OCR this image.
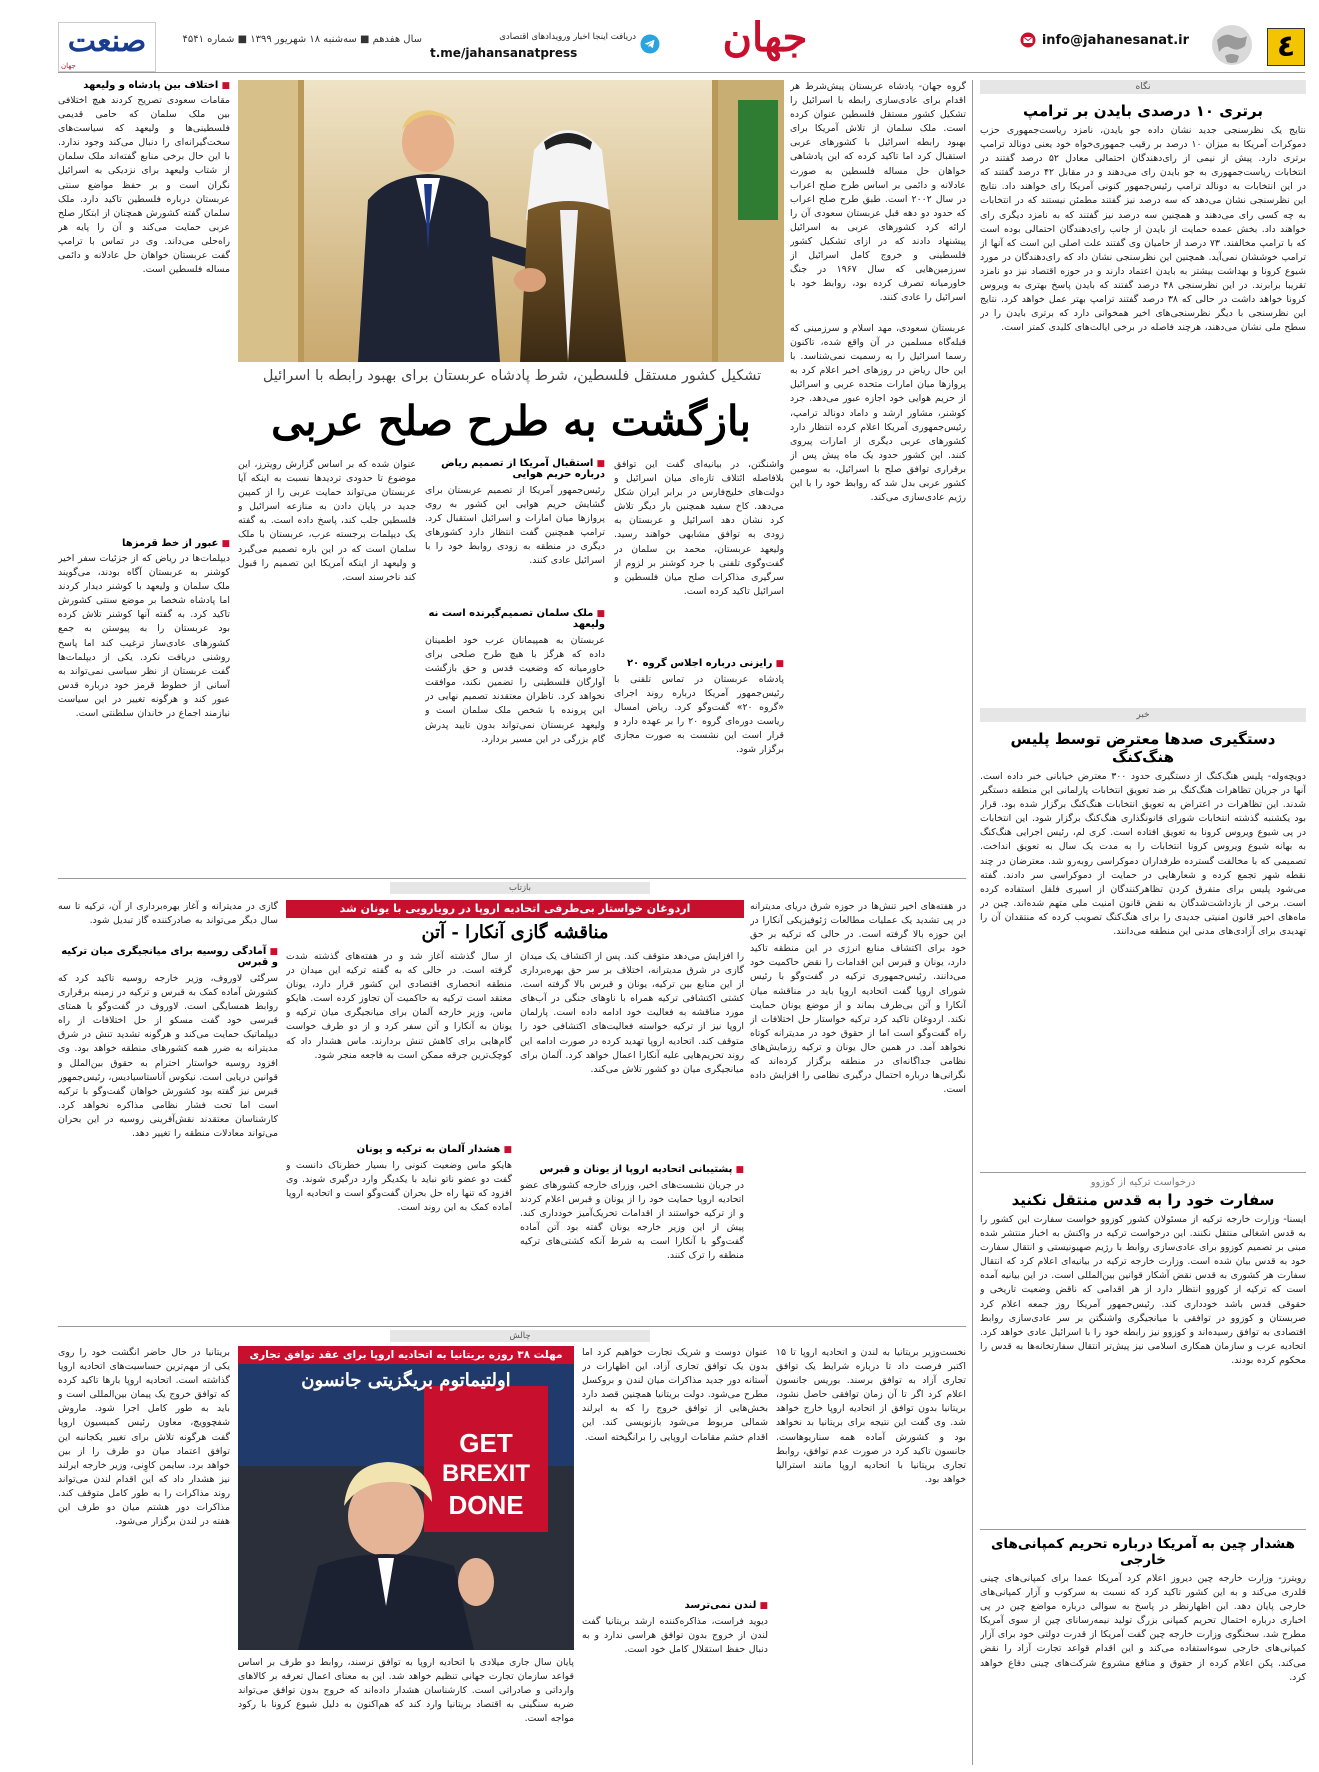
٤
info@jahanesanat.ir
جهان
دریافت اینجا اخبار ورویدادهای اقتصادی
t.me/jahansanatpress
سال هفدهم ■ سه‌شنبه ۱۸ شهریور ۱۳۹۹ ■ شماره ۴۵۴۱
صنعت
جهان
نگاه
برتری ۱۰ درصدی بایدن بر ترامپ
نتایج یک نظرسنجی جدید نشان داده جو بایدن، نامزد ریاست‌جمهوری حزب دموکرات آمریکا به میزان ۱۰ درصد بر رقیب جمهوری‌خواه خود یعنی دونالد ترامپ برتری دارد. پیش از نیمی از رای‌دهندگان احتمالی معادل ۵۲ درصد گفتند در انتخابات ریاست‌جمهوری به جو بایدن رای می‌دهند و در مقابل ۴۲ درصد گفتند که در این انتخابات به دونالد ترامپ رئیس‌جمهور کنونی آمریکا رای خواهند داد. نتایج این نظرسنجی نشان می‌دهد که سه درصد نیز گفتند مطمئن نیستند که در انتخابات به چه کسی رای می‌دهند و همچنین سه درصد نیز گفتند که به نامزد دیگری رای خواهند داد. بخش عمده حمایت از بایدن از جانب رای‌دهندگان احتمالی بوده است که با ترامپ مخالفند. ۷۳ درصد از حامیان وی گفتند علت اصلی این است که آنها از ترامپ خوششان نمی‌آید. همچنین این نظرسنجی نشان داد که رای‌دهندگان در مورد شیوع کرونا و بهداشت بیشتر به بایدن اعتماد دارند و در حوزه اقتصاد نیز دو نامزد تقریبا برابرند. در این نظرسنجی ۴۸ درصد گفتند که بایدن پاسخ بهتری به ویروس کرونا خواهد داشت در حالی که ۳۸ درصد گفتند ترامپ بهتر عمل خواهد کرد. نتایج این نظرسنجی با دیگر نظرسنجی‌های اخیر همخوانی دارد که برتری بایدن را در سطح ملی نشان می‌دهند، هرچند فاصله در برخی ایالت‌های کلیدی کمتر است.
خبر
دستگیری صدها معترض توسط پلیس هنگ‌کنگ
دویچه‌وله- پلیس هنگ‌کنگ از دستگیری حدود ۳۰۰ معترض خیابانی خبر داده است. آنها در جریان تظاهرات هنگ‌کنگ بر ضد تعویق انتخابات پارلمانی این منطقه دستگیر شدند. این تظاهرات در اعتراض به تعویق انتخابات هنگ‌کنگ برگزار شده بود. قرار بود یکشنبه گذشته انتخابات شورای قانونگذاری هنگ‌کنگ برگزار شود. این انتخابات در پی شیوع ویروس کرونا به تعویق افتاده است. کری لم، رئیس اجرایی هنگ‌کنگ به بهانه شیوع ویروس کرونا انتخابات را به مدت یک سال به تعویق انداخت. تصمیمی که با مخالفت گسترده طرفداران دموکراسی روبه‌رو شد. معترضان در چند نقطه شهر تجمع کرده و شعارهایی در حمایت از دموکراسی سر دادند. گفته می‌شود پلیس برای متفرق کردن تظاهرکنندگان از اسپری فلفل استفاده کرده است. برخی از بازداشت‌شدگان به نقض قانون امنیت ملی متهم شده‌اند. چین در ماه‌های اخیر قانون امنیتی جدیدی را برای هنگ‌کنگ تصویب کرده که منتقدان آن را تهدیدی برای آزادی‌های مدنی این منطقه می‌دانند.
درخواست ترکیه از کوزوو
سفارت خود را به قدس منتقل نکنید
ایسنا- وزارت خارجه ترکیه از مسئولان کشور کوزوو خواست سفارت این کشور را به قدس اشغالی منتقل نکنند. این درخواست ترکیه در واکنش به اخبار منتشر شده مبنی بر تصمیم کوزوو برای عادی‌سازی روابط با رژیم صهیونیستی و انتقال سفارت خود به قدس بیان شده است. وزارت خارجه ترکیه در بیانیه‌ای اعلام کرد که انتقال سفارت هر کشوری به قدس نقض آشکار قوانین بین‌المللی است. در این بیانیه آمده است که ترکیه از کوزوو انتظار دارد از هر اقدامی که ناقض وضعیت تاریخی و حقوقی قدس باشد خودداری کند. رئیس‌جمهور آمریکا روز جمعه اعلام کرد صربستان و کوزوو در توافقی با میانجیگری واشنگتن بر سر عادی‌سازی روابط اقتصادی به توافق رسیده‌اند و کوزوو نیز رابطه خود را با اسرائیل عادی خواهد کرد. اتحادیه عرب و سازمان همکاری اسلامی نیز پیش‌تر انتقال سفارتخانه‌ها به قدس را محکوم کرده بودند.
هشدار چین به آمریکا درباره تحریم کمپانی‌های خارجی
رویترز- وزارت خارجه چین دیروز اعلام کرد آمریکا عمدا برای کمپانی‌های چینی قلدری می‌کند و به این کشور تاکید کرد که نسبت به سرکوب و آزار کمپانی‌های خارجی پایان دهد. این اظهارنظر در پاسخ به سوالی درباره مواضع چین در پی اخباری درباره احتمال تحریم کمپانی بزرگ تولید نیمه‌رسانای چین از سوی آمریکا مطرح شد. سخنگوی وزارت خارجه چین گفت آمریکا از قدرت دولتی خود برای آزار کمپانی‌های خارجی سوءاستفاده می‌کند و این اقدام قواعد تجارت آزاد را نقض می‌کند. پکن اعلام کرده از حقوق و منافع مشروع شرکت‌های چینی دفاع خواهد کرد.
گروه جهان- پادشاه عربستان پیش‌شرط هر اقدام برای عادی‌سازی رابطه با اسرائیل را تشکیل کشور مستقل فلسطین عنوان کرده است. ملک سلمان از تلاش آمریکا برای بهبود رابطه اسرائیل با کشورهای عربی استقبال کرد اما تاکید کرده که این پادشاهی خواهان حل مساله فلسطین به صورت عادلانه و دائمی بر اساس طرح صلح اعراب در سال ۲۰۰۲ است. طبق طرح صلح اعراب که حدود دو دهه قبل عربستان سعودی آن را ارائه کرد کشورهای عربی به اسرائیل پیشنهاد دادند که در ازای تشکیل کشور فلسطینی و خروج کامل اسرائیل از سرزمین‌هایی که سال ۱۹۶۷ در جنگ خاورمیانه تصرف کرده بود، روابط خود با اسرائیل را عادی کنند.
عربستان سعودی، مهد اسلام و سرزمینی که قبله‌گاه مسلمین در آن واقع شده، تاکنون رسما اسرائیل را به رسمیت نمی‌شناسد. با این حال ریاض در روزهای اخیر اعلام کرد به پروازها میان امارات متحده عربی و اسرائیل از حریم هوایی خود اجازه عبور می‌دهد. جرد کوشنر، مشاور ارشد و داماد دونالد ترامپ، رئیس‌جمهوری آمریکا اعلام کرده انتظار دارد کشورهای عربی دیگری از امارات پیروی کنند. این کشور حدود یک ماه پیش پس از برقراری توافق صلح با اسرائیل، به سومین کشور عربی بدل شد که روابط خود را با این رژیم عادی‌سازی می‌کند.
تشکیل کشور مستقل فلسطین، شرط پادشاه عربستان برای بهبود رابطه با اسرائیل
بازگشت به طرح صلح عربی
واشنگتن، در بیانیه‌ای گفت این توافق بلافاصله ائتلاف تازه‌ای میان اسرائیل و دولت‌های خلیج‌فارس در برابر ایران شکل می‌دهد. کاخ سفید همچنین بار دیگر تلاش کرد نشان دهد اسرائیل و عربستان به زودی به توافق مشابهی خواهند رسید. ولیعهد عربستان، محمد بن سلمان در گفت‌وگوی تلفنی با جرد کوشنر بر لزوم از سرگیری مذاکرات صلح میان فلسطین و اسرائیل تاکید کرده است.
■ رایزنی درباره اجلاس گروه ۲۰
پادشاه عربستان در تماس تلفنی با رئیس‌جمهور آمریکا درباره روند اجرای «گروه ۲۰» گفت‌وگو کرد. ریاض امسال ریاست دوره‌ای گروه ۲۰ را بر عهده دارد و قرار است این نشست به صورت مجازی برگزار شود.
■ استقبال آمریکا از تصمیم ریاض درباره حریم هوایی
رئیس‌جمهور آمریکا از تصمیم عربستان برای گشایش حریم هوایی این کشور به روی پروازها میان امارات و اسرائیل استقبال کرد. ترامپ همچنین گفت انتظار دارد کشورهای دیگری در منطقه به زودی روابط خود را با اسرائیل عادی کنند.
■ ملک سلمان تصمیم‌گیرنده است نه ولیعهد
عربستان به همپیمانان عرب خود اطمینان داده که هرگز با هیچ طرح صلحی برای خاورمیانه که وضعیت قدس و حق بازگشت آوارگان فلسطینی را تضمین نکند، موافقت نخواهد کرد. ناظران معتقدند تصمیم نهایی در این پرونده با شخص ملک سلمان است و ولیعهد عربستان نمی‌تواند بدون تایید پدرش گام بزرگی در این مسیر بردارد.
عنوان شده که بر اساس گزارش رویترز، این موضوع تا حدودی تردیدها نسبت به اینکه آیا عربستان می‌تواند حمایت عربی را از کمپین جدید در پایان دادن به منازعه اسرائیل و فلسطین جلب کند، پاسخ داده است. به گفته یک دیپلمات برجسته عرب، عربستان با ملک سلمان است که در این باره تصمیم می‌گیرد و ولیعهد از اینکه آمریکا این تصمیم را قبول کند ناخرسند است.
■ اختلاف بین پادشاه و ولیعهد
مقامات سعودی تصریح کردند هیچ اختلافی بین ملک سلمان که حامی قدیمی فلسطینی‌ها و ولیعهد که سیاست‌های سخت‌گیرانه‌ای را دنبال می‌کند وجود ندارد. با این حال برخی منابع گفته‌اند ملک سلمان از شتاب ولیعهد برای نزدیکی به اسرائیل نگران است و بر حفظ مواضع سنتی عربستان درباره فلسطین تاکید دارد. ملک سلمان گفته کشورش همچنان از ابتکار صلح عربی حمایت می‌کند و آن را پایه هر راه‌حلی می‌داند. وی در تماس با ترامپ گفت عربستان خواهان حل عادلانه و دائمی مساله فلسطین است.
■ عبور از خط قرمزها
دیپلمات‌ها در ریاض که از جزئیات سفر اخیر کوشنر به عربستان آگاه بودند، می‌گویند ملک سلمان و ولیعهد با کوشنر دیدار کردند اما پادشاه شخصا بر موضع سنتی کشورش تاکید کرد. به گفته آنها کوشنر تلاش کرده بود عربستان را به پیوستن به جمع کشورهای عادی‌ساز ترغیب کند اما پاسخ روشنی دریافت نکرد. یکی از دیپلمات‌ها گفت عربستان از نظر سیاسی نمی‌تواند به آسانی از خطوط قرمز خود درباره قدس عبور کند و هرگونه تغییر در این سیاست نیازمند اجماع در خاندان سلطنتی است.
بازتاب
اردوغان خواستار بی‌طرفی اتحادیه اروپا در رویارویی با یونان شد
مناقشه گازی آنکارا - آتن
در هفته‌های اخیر تنش‌ها در حوزه شرق دریای مدیترانه در پی تشدید یک عملیات مطالعات ژئوفیزیکی آنکارا در این حوزه بالا گرفته است. در حالی که ترکیه بر حق خود برای اکتشاف منابع انرژی در این منطقه تاکید دارد، یونان و قبرس این اقدامات را نقض حاکمیت خود می‌دانند. رئیس‌جمهوری ترکیه در گفت‌وگو با رئیس شورای اروپا گفت اتحادیه اروپا باید در مناقشه میان آنکارا و آتن بی‌طرف بماند و از موضع یونان حمایت نکند. اردوغان تاکید کرد ترکیه خواستار حل اختلافات از راه گفت‌وگو است اما از حقوق خود در مدیترانه کوتاه نخواهد آمد. در همین حال یونان و ترکیه رزمایش‌های نظامی جداگانه‌ای در منطقه برگزار کرده‌اند که نگرانی‌ها درباره احتمال درگیری نظامی را افزایش داده است.
را افزایش می‌دهد متوقف کند. پس از اکتشاف یک میدان گازی در شرق مدیترانه، اختلاف بر سر حق بهره‌برداری از این منابع بین ترکیه، یونان و قبرس بالا گرفته است. کشتی اکتشافی ترکیه همراه با ناوهای جنگی در آب‌های مورد مناقشه به فعالیت خود ادامه داده است. پارلمان اروپا نیز از ترکیه خواسته فعالیت‌های اکتشافی خود را متوقف کند. اتحادیه اروپا تهدید کرده در صورت ادامه این روند تحریم‌هایی علیه آنکارا اعمال خواهد کرد. آلمان برای میانجیگری میان دو کشور تلاش می‌کند.
■ پشتیبانی اتحادیه اروپا از یونان و قبرس
در جریان نشست‌های اخیر، وزرای خارجه کشورهای عضو اتحادیه اروپا حمایت خود را از یونان و قبرس اعلام کردند و از ترکیه خواستند از اقدامات تحریک‌آمیز خودداری کند. پیش از این وزیر خارجه یونان گفته بود آتن آماده گفت‌وگو با آنکارا است به شرط آنکه کشتی‌های ترکیه منطقه را ترک کنند.
از سال گذشته آغاز شد و در هفته‌های گذشته شدت گرفته است. در حالی که به گفته ترکیه این میدان در منطقه انحصاری اقتصادی این کشور قرار دارد، یونان معتقد است ترکیه به حاکمیت آن تجاوز کرده است. هایکو ماس، وزیر خارجه آلمان برای میانجیگری میان ترکیه و یونان به آنکارا و آتن سفر کرد و از دو طرف خواست گام‌هایی برای کاهش تنش بردارند. ماس هشدار داد که کوچک‌ترین جرقه ممکن است به فاجعه منجر شود.
■ هشدار آلمان به ترکیه و یونان
هایکو ماس وضعیت کنونی را بسیار خطرناک دانست و گفت دو عضو ناتو نباید با یکدیگر وارد درگیری شوند. وی افزود که تنها راه حل بحران گفت‌وگو است و اتحادیه اروپا آماده کمک به این روند است.
گازی در مدیترانه و آغاز بهره‌برداری از آن، ترکیه تا سه سال دیگر می‌تواند به صادرکننده گاز تبدیل شود.
■ آمادگی روسیه برای میانجیگری میان ترکیه و قبرس
سرگئی لاوروف، وزیر خارجه روسیه تاکید کرد که کشورش آماده کمک به قبرس و ترکیه در زمینه برقراری روابط همسایگی است. لاوروف در گفت‌وگو با همتای قبرسی خود گفت مسکو از حل اختلافات از راه دیپلماتیک حمایت می‌کند و هرگونه تشدید تنش در شرق مدیترانه به ضرر همه کشورهای منطقه خواهد بود. وی افزود روسیه خواستار احترام به حقوق بین‌الملل و قوانین دریایی است. نیکوس آناستاسیادیس، رئیس‌جمهور قبرس نیز گفته بود کشورش خواهان گفت‌وگو با ترکیه است اما تحت فشار نظامی مذاکره نخواهد کرد. کارشناسان معتقدند نقش‌آفرینی روسیه در این بحران می‌تواند معادلات منطقه را تغییر دهد.
چالش
GET
BREXIT
DONE
مهلت ۳۸ روزه بریتانیا به اتحادیه اروپا برای عقد توافق تجاری
اولتیماتوم بریگزیتی جانسون
نخست‌وزیر بریتانیا به لندن و اتحادیه اروپا تا ۱۵ اکتبر فرصت داد تا درباره شرایط یک توافق تجاری آزاد به توافق برسند. بوریس جانسون اعلام کرد اگر تا آن زمان توافقی حاصل نشود، بریتانیا بدون توافق از اتحادیه اروپا خارج خواهد شد. وی گفت این نتیجه برای بریتانیا بد نخواهد بود و کشورش آماده همه سناریوهاست. جانسون تاکید کرد در صورت عدم توافق، روابط تجاری بریتانیا با اتحادیه اروپا مانند استرالیا خواهد بود.
عنوان دوست و شریک تجارت خواهیم کرد اما بدون یک توافق تجاری آزاد. این اظهارات در آستانه دور جدید مذاکرات میان لندن و بروکسل مطرح می‌شود. دولت بریتانیا همچنین قصد دارد بخش‌هایی از توافق خروج را که به ایرلند شمالی مربوط می‌شود بازنویسی کند. این اقدام خشم مقامات اروپایی را برانگیخته است.
■ لندن نمی‌ترسد
دیوید فراست، مذاکره‌کننده ارشد بریتانیا گفت لندن از خروج بدون توافق هراسی ندارد و به دنبال حفظ استقلال کامل خود است.
پایان سال جاری میلادی با اتحادیه اروپا به توافق نرسند، روابط دو طرف بر اساس قواعد سازمان تجارت جهانی تنظیم خواهد شد. این به معنای اعمال تعرفه بر کالاهای وارداتی و صادراتی است. کارشناسان هشدار داده‌اند که خروج بدون توافق می‌تواند ضربه سنگینی به اقتصاد بریتانیا وارد کند که هم‌اکنون به دلیل شیوع کرونا با رکود مواجه است.
بریتانیا در حال حاضر انگشت خود را روی یکی از مهم‌ترین حساسیت‌های اتحادیه اروپا گذاشته است. اتحادیه اروپا بارها تاکید کرده که توافق خروج یک پیمان بین‌المللی است و باید به طور کامل اجرا شود. ماروش شفچوویچ، معاون رئیس کمیسیون اروپا گفت هرگونه تلاش برای تغییر یکجانبه این توافق اعتماد میان دو طرف را از بین خواهد برد. سایمن کاوِنی، وزیر خارجه ایرلند نیز هشدار داد که این اقدام لندن می‌تواند روند مذاکرات را به طور کامل متوقف کند. مذاکرات دور هشتم میان دو طرف این هفته در لندن برگزار می‌شود.
